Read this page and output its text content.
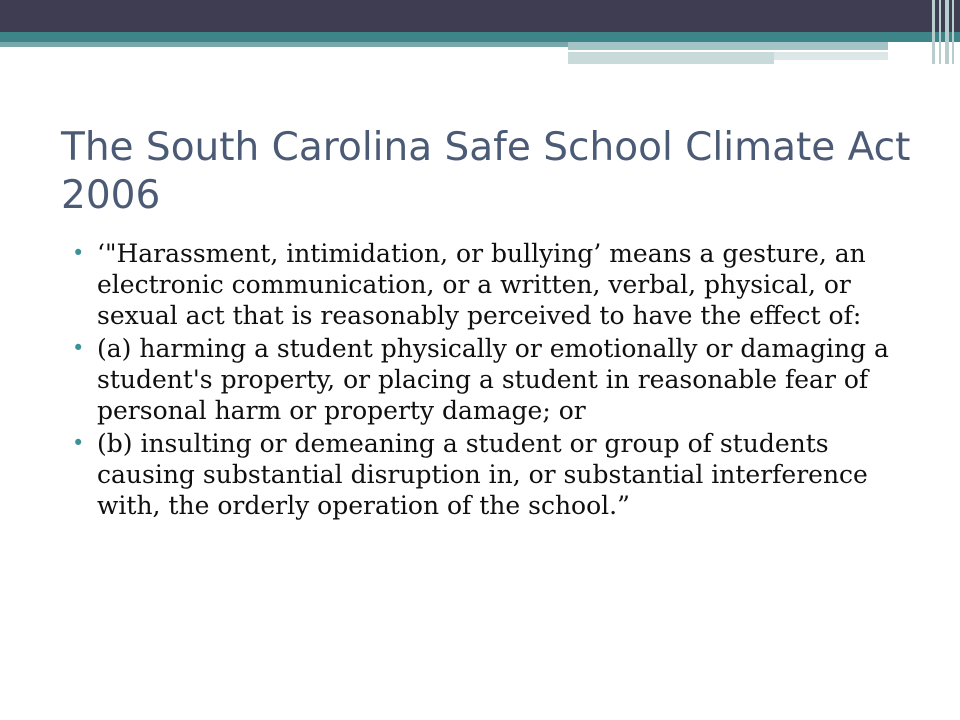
The South Carolina Safe School Climate Act 2006
• ‘"Harassment, intimidation, or bullying’ means a gesture, an electronic communication, or a written, verbal, physical, or sexual act that is reasonably perceived to have the effect of:
• (a) harming a student physically or emotionally or damaging a student's property, or placing a student in reasonable fear of personal harm or property damage; or
• (b) insulting or demeaning a student or group of students causing substantial disruption in, or substantial interference with, the orderly operation of the school.”
